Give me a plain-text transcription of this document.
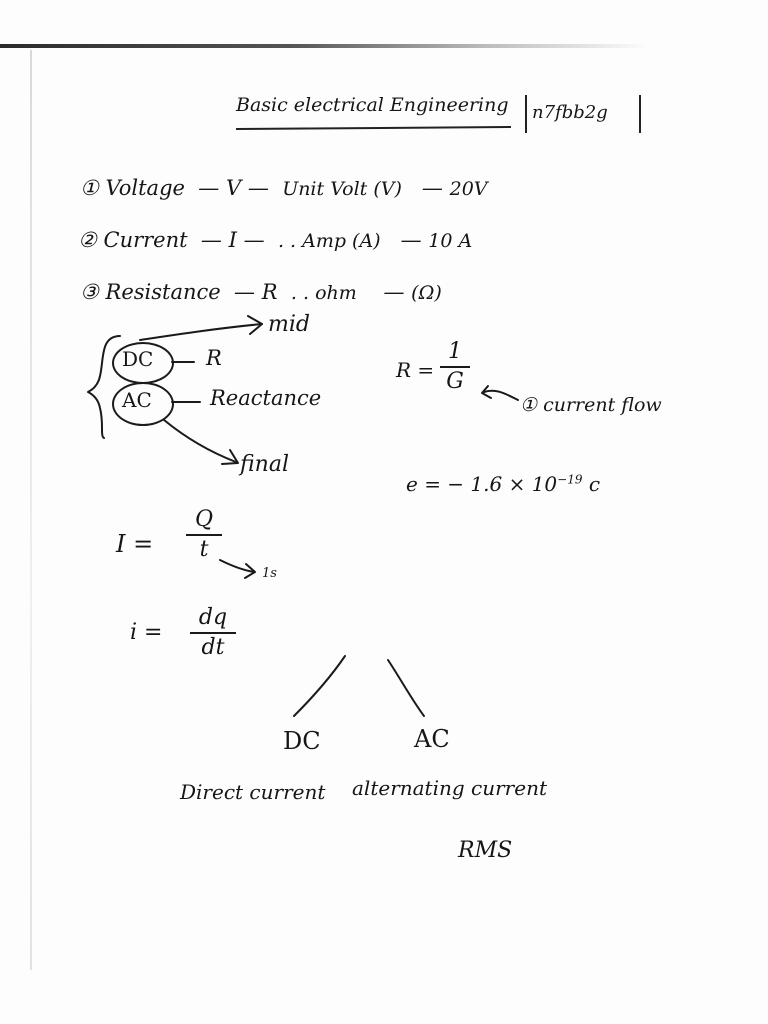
Basic electrical Engineering n7fbb2g
① Voltage  — V —  Unit Volt (V)   — 20V
② Current  — I —  . . Amp (A)   — 10 A
③ Resistance  — R . . ohm    — (Ω)
DC
AC
R
Reactance
mid
final
R =
1
G
① current flow
e = − $1.6 \times 10^{-19}$ c
I =
Q
t
1s
i =
dq
dt
DC	AC
Direct current alternating current
RMS
